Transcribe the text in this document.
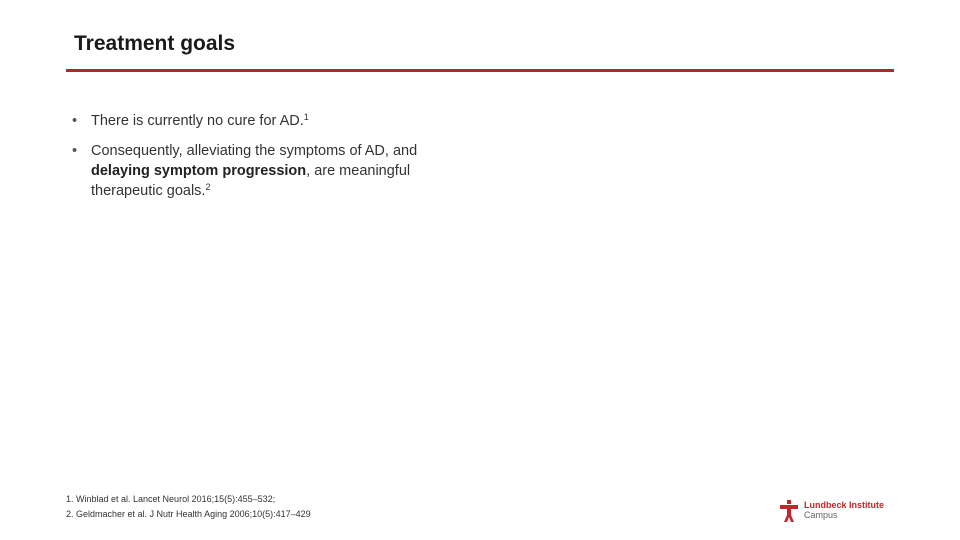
Treatment goals
• There is currently no cure for AD.$^1$
• Consequently, alleviating the symptoms of AD, and delaying symptom progression, are meaningful therapeutic goals.$^2$
1. Winblad et al. Lancet Neurol 2016;15(5):455–532;
2. Geldmacher et al. J Nutr Health Aging 2006;10(5):417–429
Lundbeck Institute
Campus
